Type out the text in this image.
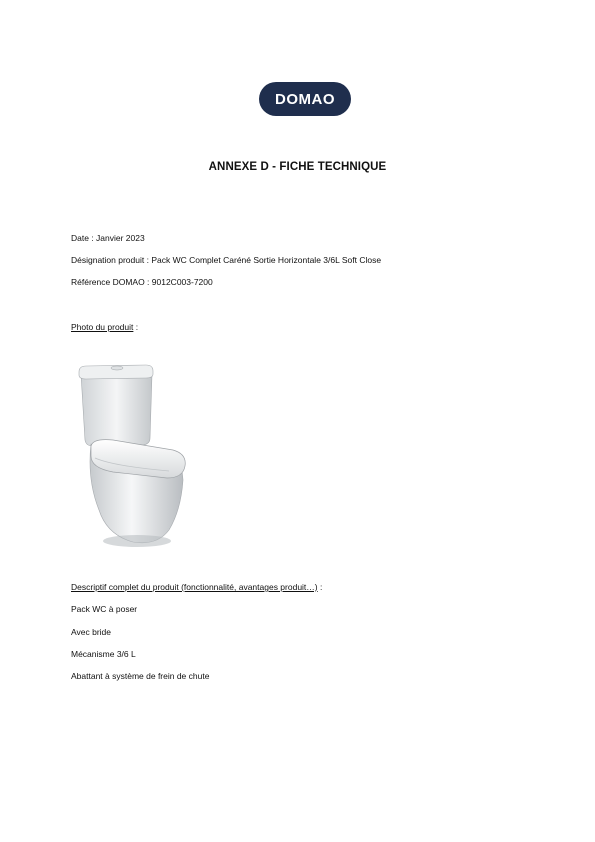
DOMAO
ANNEXE D - FICHE TECHNIQUE
Date : Janvier 2023
Désignation produit : Pack WC Complet Caréné Sortie Horizontale 3/6L Soft Close
Référence DOMAO : 9012C003-7200
Photo du produit :
Descriptif complet du produit (fonctionnalité, avantages produit…) :
Pack WC à poser
Avec bride
Mécanisme 3/6 L
Abattant à système de frein de chute
